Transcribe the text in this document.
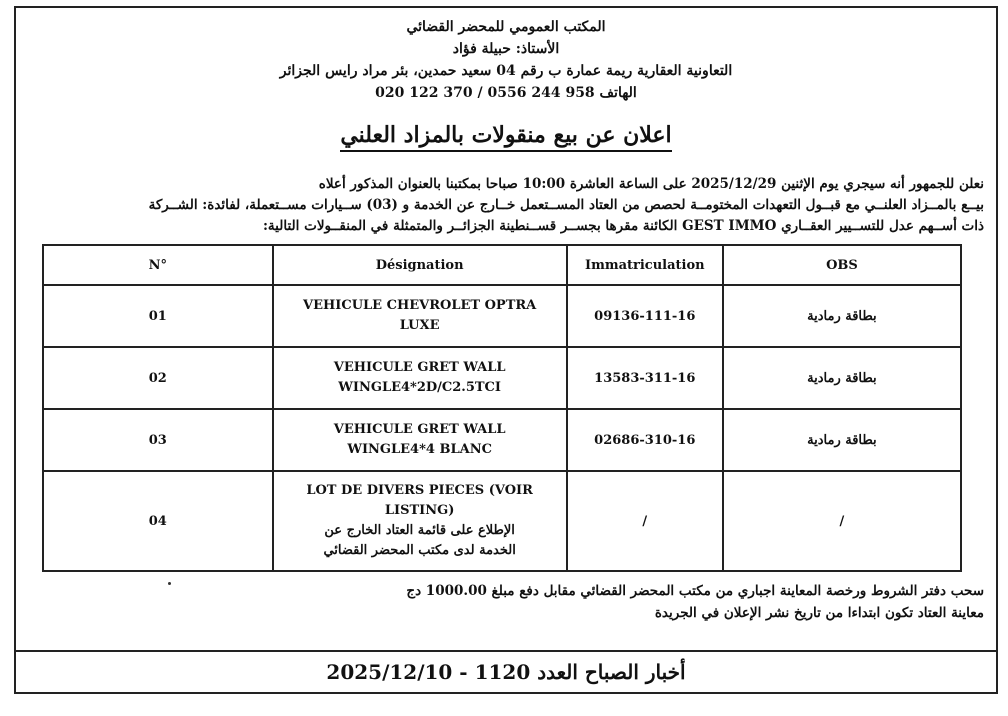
المكتب العمومي للمحضر القضائي
الأستاذ: حبيلة فؤاد
التعاونية العقارية ريمة عمارة ب رقم 04 سعيد حمدين، بئر مراد رايس الجزائر
الهاتف 958 244 0556 / 370 122 020
اعلان عن بيع منقولات بالمزاد العلني
نعلن للجمهور أنه سيجري يوم الإثنين 2025/12/29 على الساعة العاشرة 10:00 صباحا بمكتبنا بالعنوان المذكور أعلاه
بيــع بالمــزاد العلنــي مع قبــول التعهدات المختومــة لحصص من العتاد المســتعمل خــارج عن الخدمة و (03) ســيارات مســتعملة، لفائدة: الشــركة
ذات أســهم عدل للتســيير العقــاري GEST IMMO الكائنة مقرها بجســر قســنطينة الجزائــر والمتمثلة في المنقــولات التالية:
N°	Désignation	Immatriculation	OBS
01	VEHICULE CHEVROLET OPTRA
LUXE	09136-111-16	بطاقة رمادية
02	VEHICULE GRET WALL
WINGLE4*2D/C2.5TCI	13583-311-16	بطاقة رمادية
03	VEHICULE GRET WALL
WINGLE4*4 BLANC	02686-310-16	بطاقة رمادية
04	LOT DE DIVERS PIECES (VOIR
LISTING)
الإطلاع على قائمة العتاد الخارج عن
الخدمة لدى مكتب المحضر القضائي	/	/
سحب دفتر الشروط ورخصة المعاينة اجباري من مكتب المحضر القضائي مقابل دفع مبلغ 1000.00 دج
معاينة العتاد تكون ابتداءا من تاريخ نشر الإعلان في الجريدة
أخبار الصباح العدد 1120 - 2025/12/10
